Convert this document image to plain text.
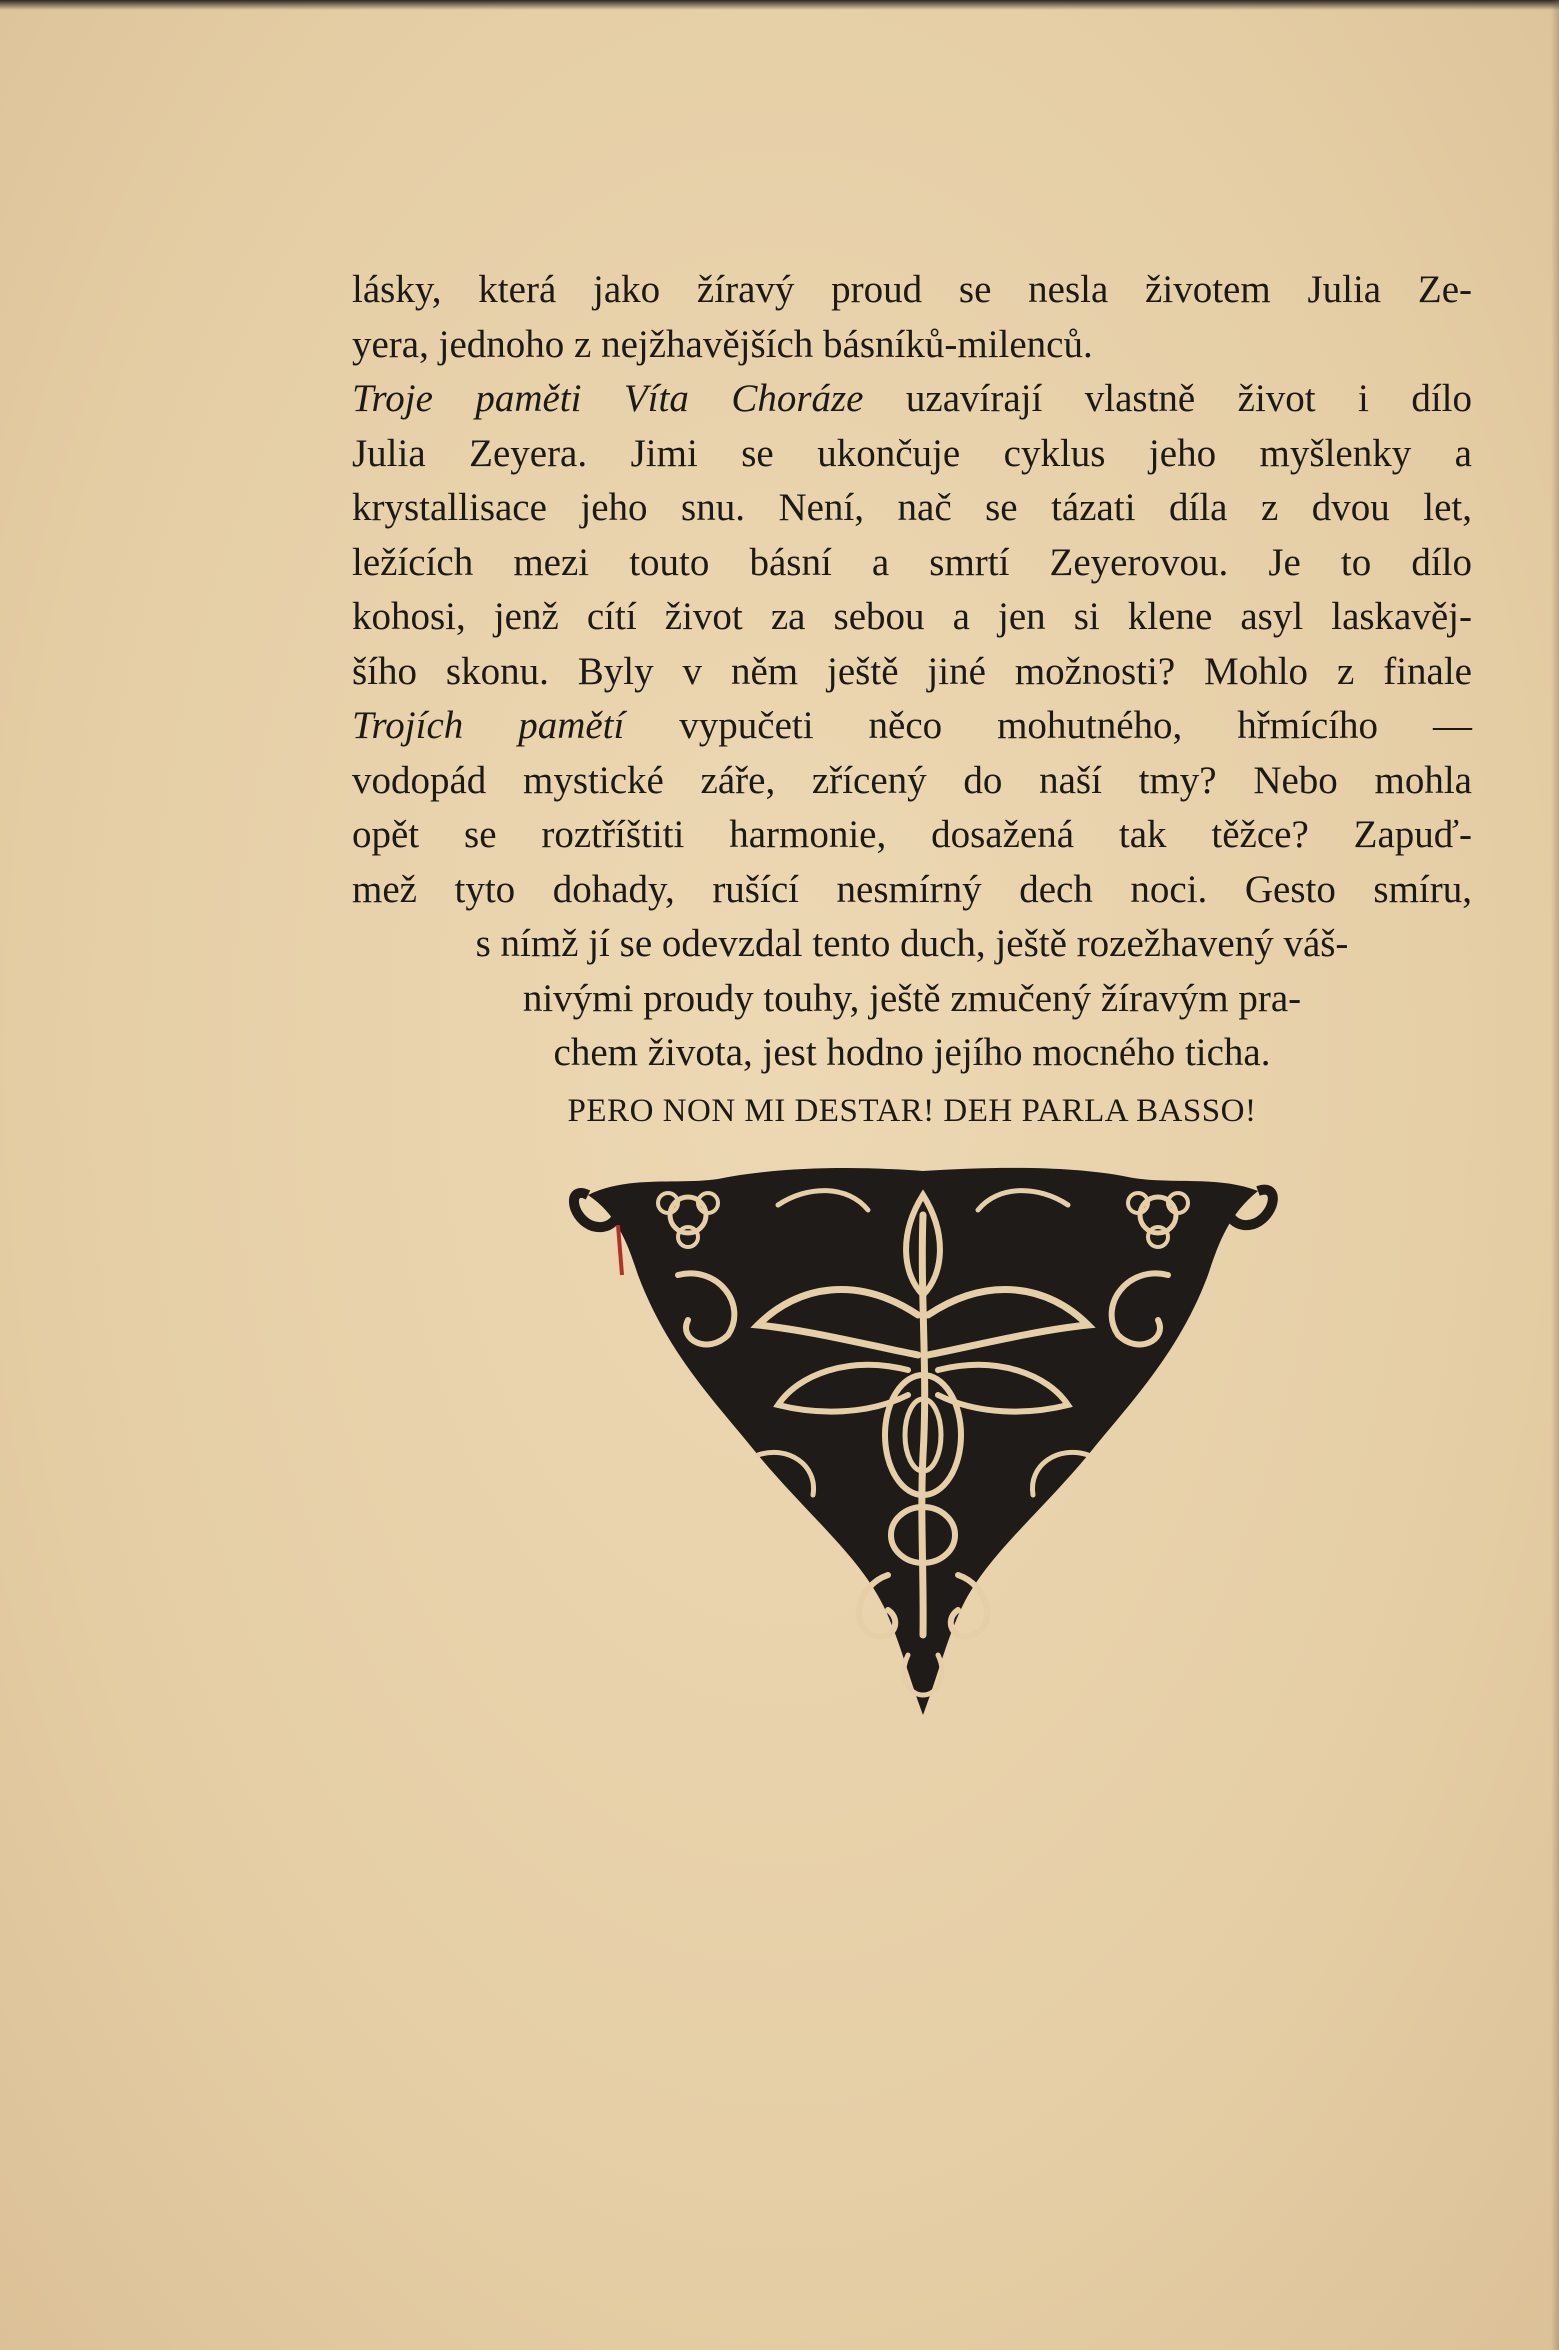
lásky, která jako žíravý proud se nesla životem Julia Ze-
yera, jednoho z nejžhavějších básníků-milenců.
Troje paměti Víta Choráze uzavírají vlastně život i dílo
Julia Zeyera. Jimi se ukončuje cyklus jeho myšlenky a
krystallisace jeho snu. Není, nač se tázati díla z dvou let,
ležících mezi touto básní a smrtí Zeyerovou. Je to dílo
kohosi, jenž cítí život za sebou a jen si klene asyl laskavěj-
šího skonu. Byly v něm ještě jiné možnosti? Mohlo z finale
Trojích pamětí vypučeti něco mohutného, hřmícího —
vodopád mystické záře, zřícený do naší tmy? Nebo mohla
opět se roztříštiti harmonie, dosažená tak těžce? Zapuď-
mež tyto dohady, rušící nesmírný dech noci. Gesto smíru,
s nímž jí se odevzdal tento duch, ještě rozežhavený váš-
nivými proudy touhy, ještě zmučený žíravým pra-
chem života, jest hodno jejího mocného ticha.
PERO NON MI DESTAR! DEH PARLA BASSO!
